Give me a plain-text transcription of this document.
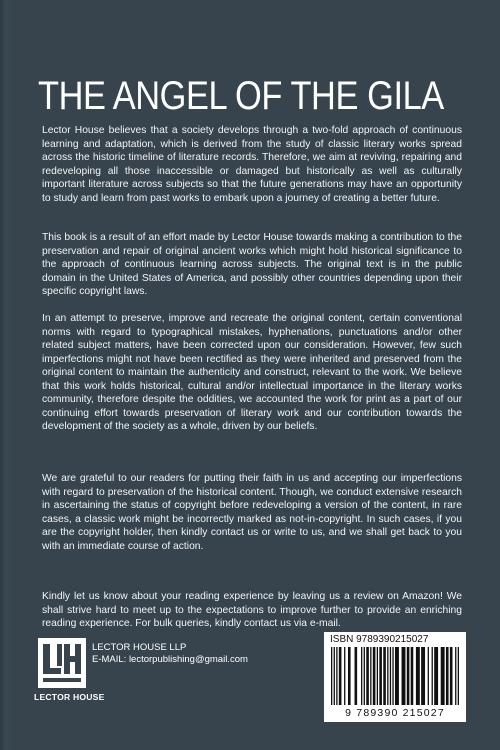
THE ANGEL OF THE GILA
Lector House believes that a society develops through a two-fold approach of continuous learning and adaptation, which is derived from the study of classic literary works spread across the historic timeline of literature records. Therefore, we aim at reviving, repairing and redeveloping all those inaccessible or damaged but historically as well as culturally important literature across subjects so that the future generations may have an opportunity to study and learn from past works to embark upon a journey of creating a better future.
This book is a result of an effort made by Lector House towards making a contribution to the preservation and repair of original ancient works which might hold historical significance to the approach of continuous learning across subjects. The original text is in the public domain in the United States of America, and possibly other countries depending upon their specific copyright laws.
In an attempt to preserve, improve and recreate the original content, certain conventional norms with regard to typographical mistakes, hyphenations, punctuations and/or other related subject matters, have been corrected upon our consideration. However, few such imperfections might not have been rectified as they were inherited and preserved from the original content to maintain the authenticity and construct, relevant to the work. We believe that this work holds historical, cultural and/or intellectual importance in the literary works community, therefore despite the oddities, we accounted the work for print as a part of our continuing effort towards preservation of literary work and our contribution towards the development of the society as a whole, driven by our beliefs.
We are grateful to our readers for putting their faith in us and accepting our imperfections with regard to preservation of the historical content. Though, we conduct extensive research in ascertaining the status of copyright before redeveloping a version of the content, in rare cases, a classic work might be incorrectly marked as not-in-copyright. In such cases, if you are the copyright holder, then kindly contact us or write to us, and we shall get back to you with an immediate course of action.
Kindly let us know about your reading experience by leaving us a review on Amazon! We shall strive hard to meet up to the expectations to improve further to provide an enriching reading experience. For bulk queries, kindly contact us via e-mail.
LECTOR HOUSE
LECTOR HOUSE LLP
E-MAIL: lectorpublishing@gmail.com
ISBN 9789390215027
9 789390 215027
